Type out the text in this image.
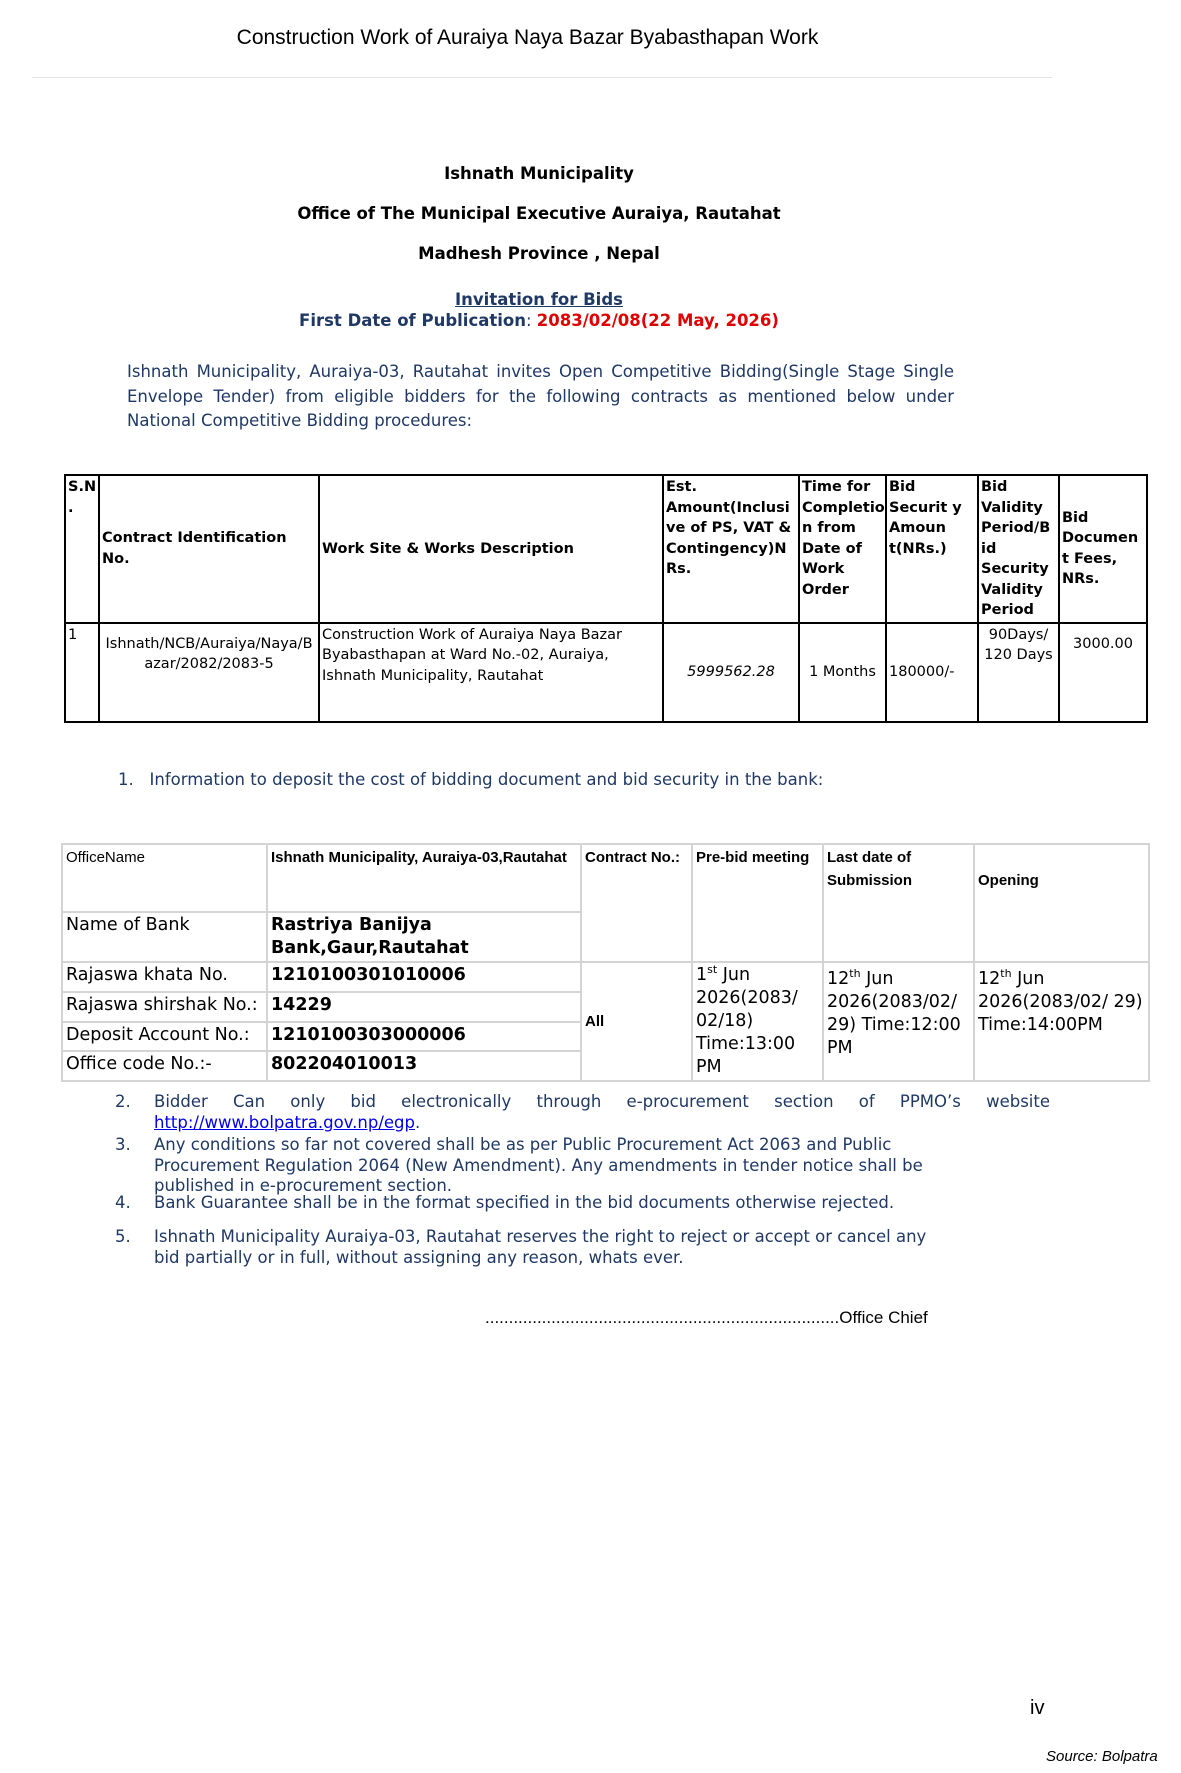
Construction Work of Auraiya Naya Bazar Byabasthapan Work
Ishnath Municipality
Office of The Municipal Executive Auraiya, Rautahat
Madhesh Province , Nepal
Invitation for Bids
First Date of Publication: 2083/02/08(22 May, 2026)
Ishnath Municipality, Auraiya-03, Rautahat invites Open Competitive Bidding(Single Stage Single Envelope Tender) from eligible bidders for the following contracts as mentioned below under National Competitive Bidding procedures:
S.N .	Contract Identification No.	Work Site & Works Description	Est. Amount(Inclusi ve of PS, VAT & Contingency)N Rs.	Time for Completio n from Date of Work Order	Bid Securit y Amoun t(NRs.)	Bid Validity Period/B id Security Validity Period	Bid Documen t Fees, NRs.
1	Ishnath/NCB/Auraiya/Naya/Bazar/2082/2083-5	Construction Work of Auraiya Naya Bazar Byabasthapan at Ward No.-02, Auraiya, Ishnath Municipality, Rautahat	5999562.28	1 Months	180000/-	90Days/ 120 Days	3000.00
1. Information to deposit the cost of bidding document and bid security in the bank:
OfficeName	Ishnath Municipality, Auraiya-03,Rautahat	Contract No.:	Pre-bid meeting	Last date of Submission	Opening
Name of Bank	Rastriya Banijya Bank,Gaur,Rautahat				
Rajaswa khata No.	1210100301010006	All	1st Jun 2026(2083/ 02/18) Time:13:00 PM	12th Jun 2026(2083/02/ 29) Time:12:00 PM	12th Jun 2026(2083/02/ 29) Time:14:00PM
Rajaswa shirshak No.:	14229				
Deposit Account No.:	1210100303000006				
Office code No.:-	802204010013				
2. Bidder Can only bid electronically through e-procurement section of PPMO’s website
http://www.bolpatra.gov.np/egp.
3. Any conditions so far not covered shall be as per Public Procurement Act 2063 and Public Procurement Regulation 2064 (New Amendment). Any amendments in tender notice shall be published in e-procurement section.
4. Bank Guarantee shall be in the format specified in the bid documents otherwise rejected.
5. Ishnath Municipality Auraiya-03, Rautahat reserves the right to reject or accept or cancel any bid partially or in full, without assigning any reason, whats ever.
...........................................................................Office Chief
iv
Source: Bolpatra
